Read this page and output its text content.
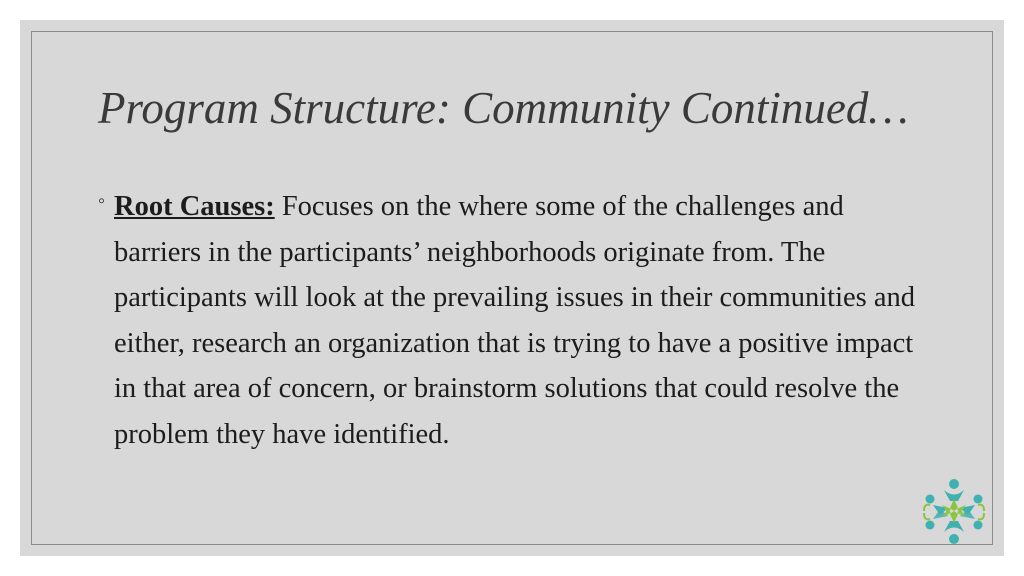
Program Structure: Community Continued…
◦ Root Causes: Focuses on the where some of the challenges and barriers in the participants’ neighborhoods originate from. The participants will look at the prevailing issues in their communities and either, research an organization that is trying to have a positive impact in that area of concern, or brainstorm solutions that could resolve the problem they have identified.
